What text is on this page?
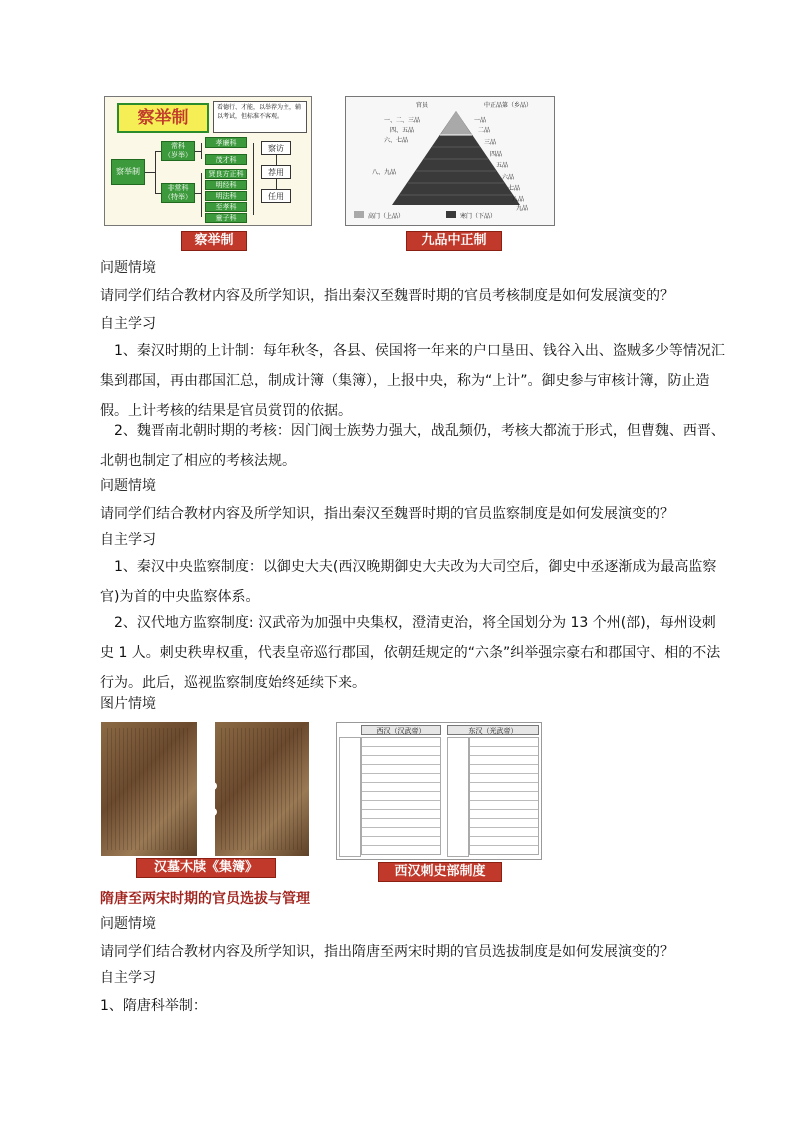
察举制
看德行、才能，以举荐为主，辅以考试，但标准不客观。
察举制
常科
（岁举）
非常科
（特举）
孝廉科
茂才科
贤良方正科
明经科
明法科
至孝科
童子科
察访
荐用
任用
察举制
官员	中正品第（乡品）
一、二、三品
四、五品
六、七品
八、九品
一品
二品
三品
四品
五品
六品
七品
八品
九品
高门（上品）	寒门（下品）
九品中正制
问题情境
请同学们结合教材内容及所学知识，指出秦汉至魏晋时期的官员考核制度是如何发展演变的？
自主学习
1、秦汉时期的上计制：每年秋冬，各县、侯国将一年来的户口垦田、钱谷入出、盗贼多少等情况汇集到郡国，再由郡国汇总，制成计簿（集簿），上报中央，称为“上计”。御史参与审核计簿，防止造假。上计考核的结果是官员赏罚的依据。
2、魏晋南北朝时期的考核：因门阀士族势力强大，战乱频仍，考核大都流于形式，但曹魏、西晋、北朝也制定了相应的考核法规。
问题情境
请同学们结合教材内容及所学知识，指出秦汉至魏晋时期的官员监察制度是如何发展演变的？
自主学习
1、秦汉中央监察制度：以御史大夫(西汉晚期御史大夫改为大司空后，御史中丞逐渐成为最高监察官)为首的中央监察体系。
2、汉代地方监察制度: 汉武帝为加强中央集权，澄清吏治，将全国划分为 13 个州(部)，每州设刺史 1 人。刺史秩卑权重，代表皇帝巡行郡国，依朝廷规定的“六条”纠举强宗豪右和郡国守、相的不法行为。此后，巡视监察制度始终延续下来。
图片情境
汉墓木牍《集簿》
西汉（汉武帝）	东汉（光武帝）
西汉刺史部制度
隋唐至两宋时期的官员选拔与管理
问题情境
请同学们结合教材内容及所学知识，指出隋唐至两宋时期的官员选拔制度是如何发展演变的？
自主学习
1、隋唐科举制：
